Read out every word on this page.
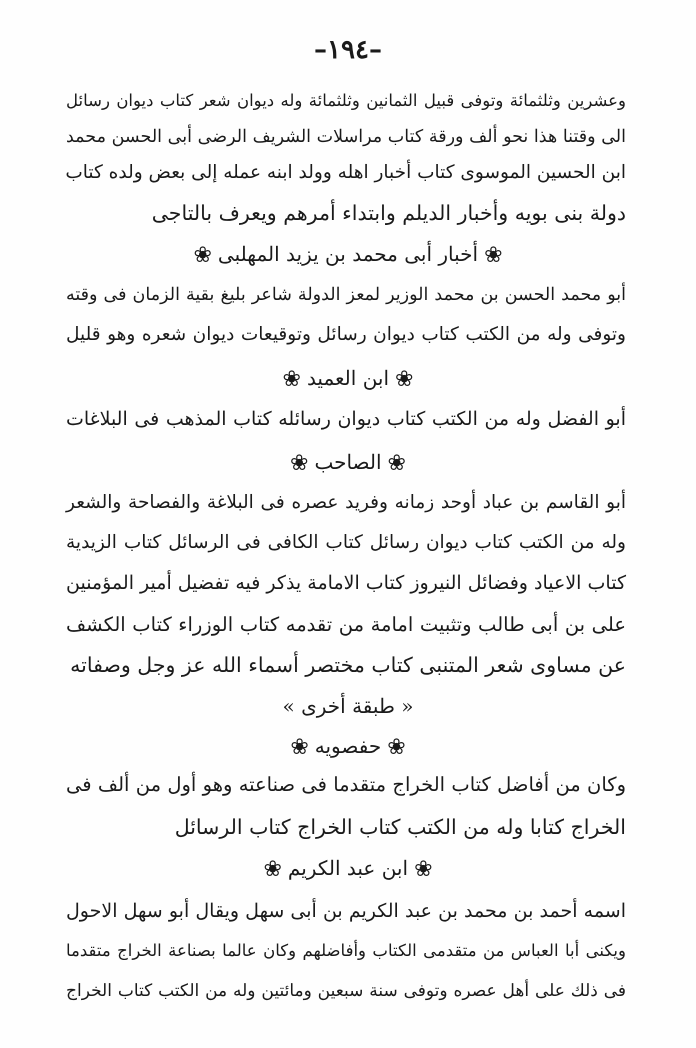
–١٩٤–
وعشرين وثلثمائة وتوفى قبيل الثمانين وثلثمائة وله ديوان شعر كتاب ديوان رسائل
الى وقتنا هذا نحو ألف ورقة كتاب مراسلات الشريف الرضى أبى الحسن محمد
ابن الحسين الموسوى كتاب أخبار اهله وولد ابنه عمله إلى بعض ولده كتاب
دولة بنى بويه وأخبار الديلم وابتداء أمرهم ويعرف بالتاجى
❀أخبار أبى محمد بن يزيد المهلبى❀
أبو محمد الحسن بن محمد الوزير لمعز الدولة شاعر بليغ بقية الزمان فى وقته
وتوفى وله من الكتب كتاب ديوان رسائل وتوقيعات ديوان شعره وهو قليل
❀ابن العميد❀
أبو الفضل وله من الكتب كتاب ديوان رسائله كتاب المذهب فى البلاغات
❀الصاحب❀
أبو القاسم بن عباد أوحد زمانه وفريد عصره فى البلاغة والفصاحة والشعر
وله من الكتب كتاب ديوان رسائل كتاب الكافى فى الرسائل كتاب الزيدية
كتاب الاعياد وفضائل النيروز كتاب الامامة يذكر فيه تفضيل أمير المؤمنين
على بن أبى طالب وتثبيت امامة من تقدمه كتاب الوزراء كتاب الكشف
عن مساوى شعر المتنبى كتاب مختصر أسماء الله عز وجل وصفاته
« طبقة أخرى »
❀حفصويه❀
وكان من أفاضل كتاب الخراج متقدما فى صناعته وهو أول من ألف فى
الخراج كتابا وله من الكتب كتاب الخراج كتاب الرسائل
❀ابن عبد الكريم❀
اسمه أحمد بن محمد بن عبد الكريم بن أبى سهل ويقال أبو سهل الاحول
ويكنى أبا العباس من متقدمى الكتاب وأفاضلهم وكان عالما بصناعة الخراج متقدما
فى ذلك على أهل عصره وتوفى سنة سبعين ومائتين وله من الكتب كتاب الخراج
